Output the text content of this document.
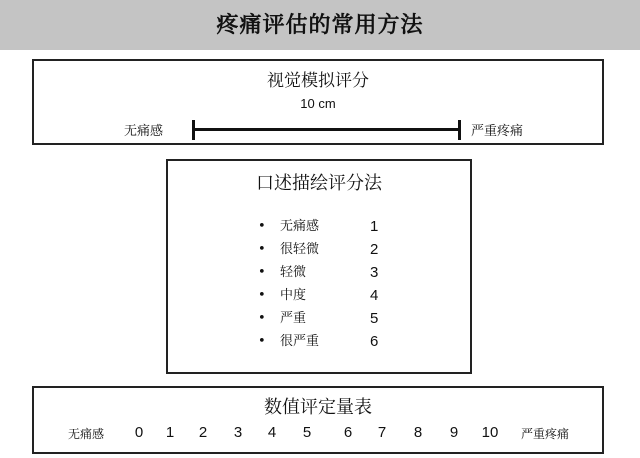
疼痛评估的常用方法
视觉模拟评分
10 cm
无痛感	严重疼痛
口述描绘评分法
• 无痛感	1
• 很轻微	2
• 轻微	3
• 中度	4
• 严重	5
• 很严重	6
数值评定量表
无痛感 0 1 2 3 4 5 6 7 8 9 10 严重疼痛
